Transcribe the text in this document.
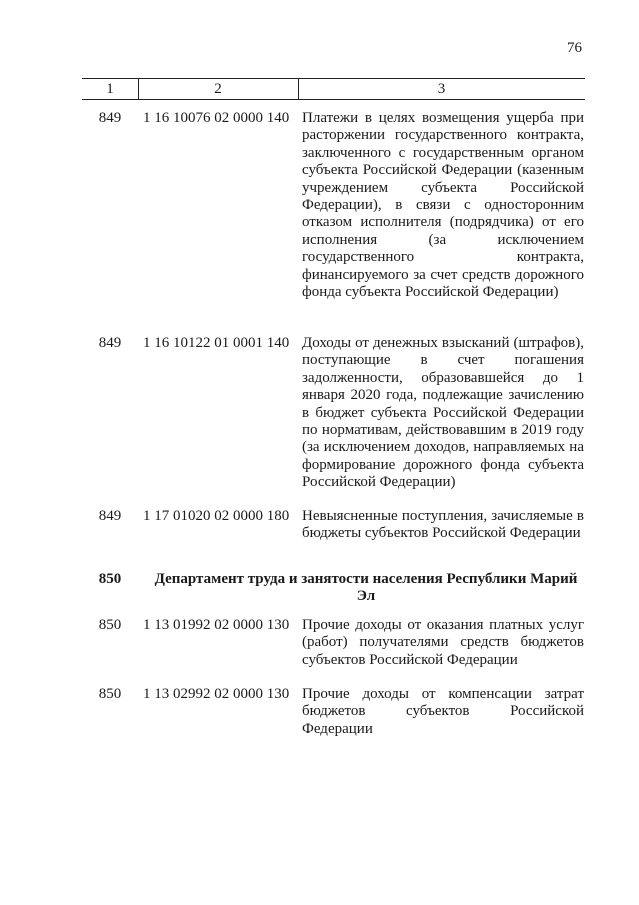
76
1	2	3
849	1 16 10076 02 0000 140 Платежи в целях возмещения ущерба при расторжении государственного контракта, заключенного с государственным органом субъекта Российской Федерации (казенным учреждением субъекта Российской Федерации), в связи с односторонним отказом исполнителя (подрядчика) от его исполнения (за исключением государственного контракта, финансируемого за счет средств дорожного фонда субъекта Российской Федерации)
849	1 16 10122 01 0001 140 Доходы от денежных взысканий (штрафов), поступающие в счет погашения задолженности, образовавшейся до 1 января 2020 года, подлежащие зачислению в бюджет субъекта Российской Федерации по нормативам, действовавшим в 2019 году (за исключением доходов, направляемых на формирование дорожного фонда субъекта Российской Федерации)
849	1 17 01020 02 0000 180 Невыясненные поступления, зачисляемые в бюджеты субъектов Российской Федерации
850	Департамент труда и занятости населения Республики Марий Эл
850	1 13 01992 02 0000 130 Прочие доходы от оказания платных услуг (работ) получателями средств бюджетов субъектов Российской Федерации
850	1 13 02992 02 0000 130 Прочие доходы от компенсации затрат бюджетов субъектов Российской Федерации
